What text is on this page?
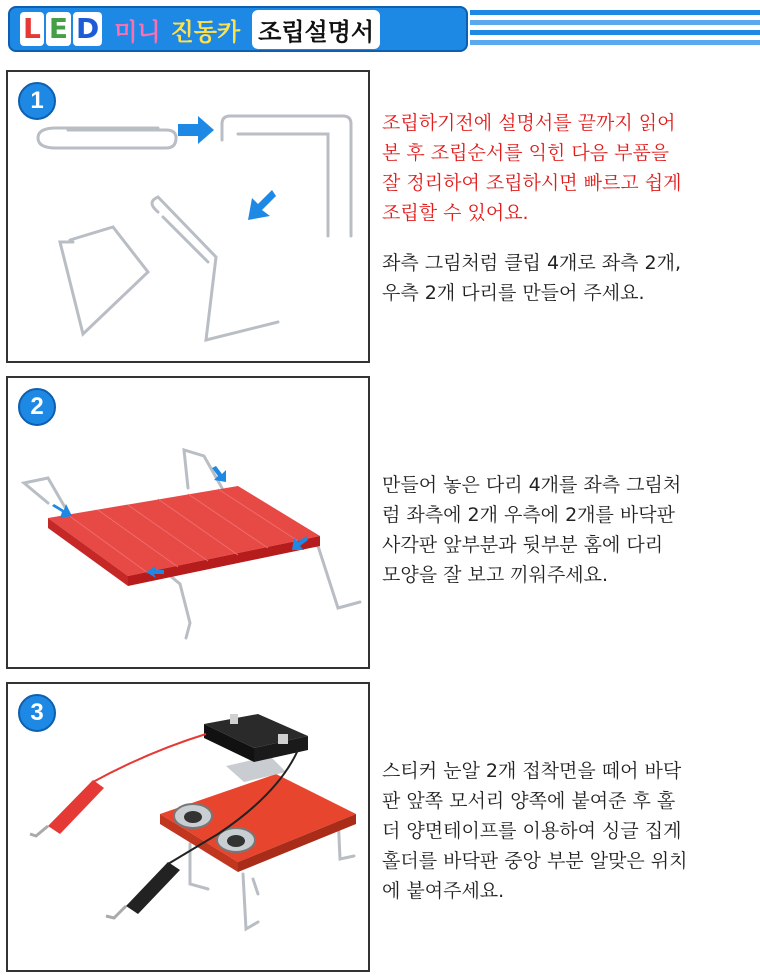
L E D 미니 진동카 조립설명서
1

조립하기전에 설명서를 끝까지 읽어

본 후 조립순서를 익힌 다음 부품을

잘 정리하여 조립하시면 빠르고 쉽게

조립할 수 있어요.

좌측 그림처럼 클립 4개로 좌측 2개,

우측 2개 다리를 만들어 주세요.

2

만들어 놓은 다리 4개를 좌측 그림처

럼 좌측에 2개 우측에 2개를 바닥판

사각판 앞부분과 뒷부분 홈에 다리

모양을 잘 보고 끼워주세요.

3

스티커 눈알 2개 접착면을 떼어 바닥

판 앞쪽 모서리 양쪽에 붙여준 후 홀

더 양면테이프를 이용하여 싱글 집게

홀더를 바닥판 중앙 부분 알맞은 위치

에 붙여주세요.
